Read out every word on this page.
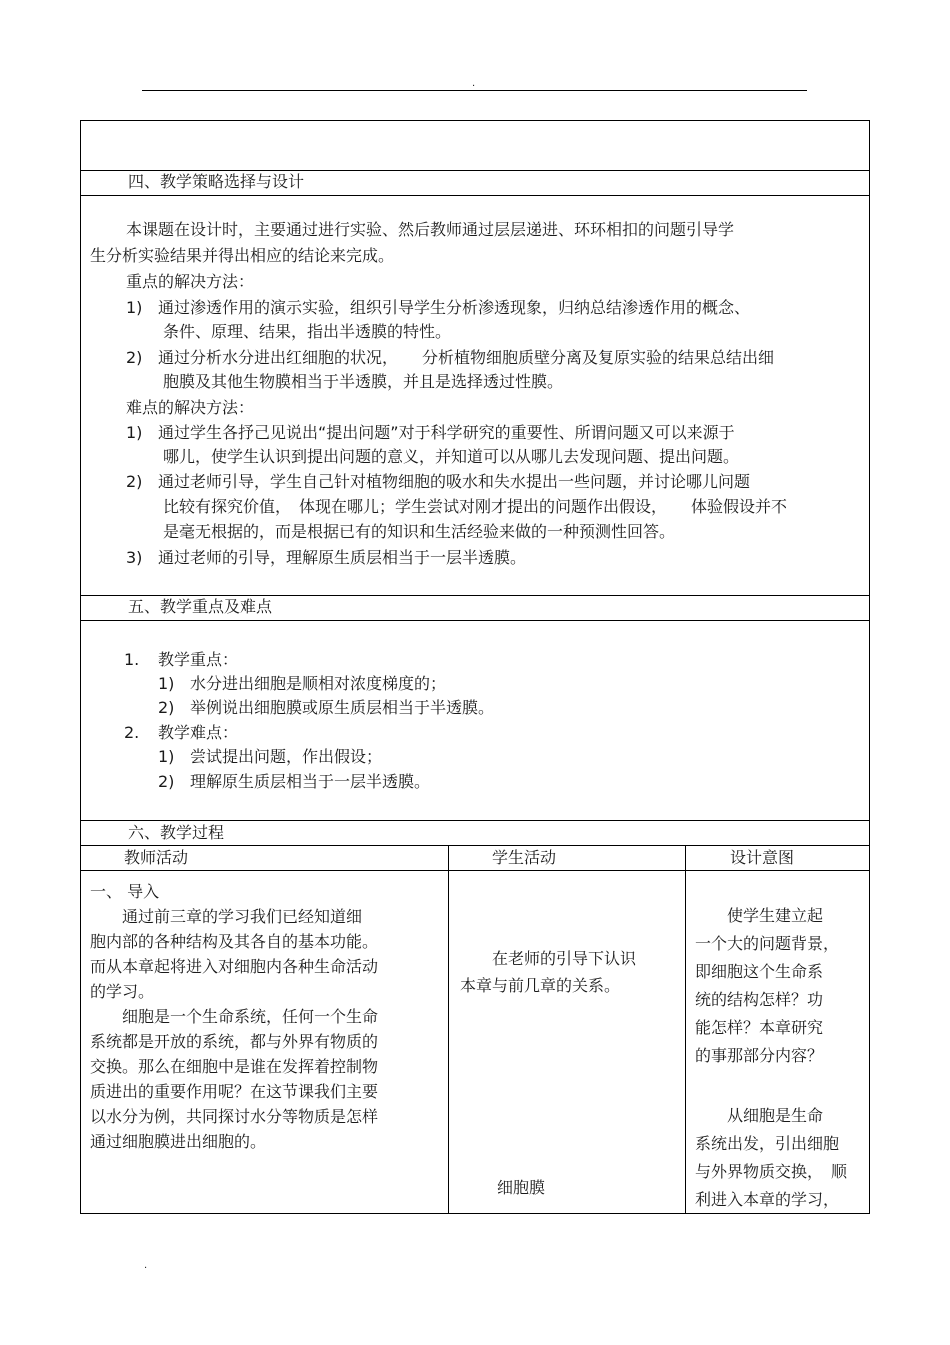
.
四、教学策略选择与设计
本课题在设计时，主要通过进行实验、然后教师通过层层递进、环环相扣的问题引导学
生分析实验结果并得出相应的结论来完成。
重点的解决方法：
1) 通过渗透作用的演示实验，组织引导学生分析渗透现象，归纳总结渗透作用的概念、
条件、原理、结果，指出半透膜的特性。
2) 通过分析水分进出红细胞的状况，　　分析植物细胞质壁分离及复原实验的结果总结出细
胞膜及其他生物膜相当于半透膜，并且是选择透过性膜。
难点的解决方法：
1) 通过学生各抒己见说出“提出问题”对于科学研究的重要性、所谓问题又可以来源于
哪儿，使学生认识到提出问题的意义，并知道可以从哪儿去发现问题、提出问题。
2) 通过老师引导，学生自己针对植物细胞的吸水和失水提出一些问题，并讨论哪儿问题
比较有探究价值，　体现在哪儿；学生尝试对刚才提出的问题作出假设，　　体验假设并不
是毫无根据的，而是根据已有的知识和生活经验来做的一种预测性回答。
3) 通过老师的引导，理解原生质层相当于一层半透膜。
五、教学重点及难点
1. 教学重点：
1) 水分进出细胞是顺相对浓度梯度的；
2) 举例说出细胞膜或原生质层相当于半透膜。
2. 教学难点：
1) 尝试提出问题，作出假设；
2) 理解原生质层相当于一层半透膜。
六、教学过程
教师活动	学生活动	设计意图
一、 导入
　　通过前三章的学习我们已经知道细
胞内部的各种结构及其各自的基本功能。
而从本章起将进入对细胞内各种生命活动
的学习。
　　细胞是一个生命系统，任何一个生命
系统都是开放的系统，都与外界有物质的
交换。那么在细胞中是谁在发挥着控制物
质进出的重要作用呢？在这节课我们主要
以水分为例，共同探讨水分等物质是怎样
通过细胞膜进出细胞的。
　　在老师的引导下认识
本章与前几章的关系。
细胞膜
　　使学生建立起
一个大的问题背景，
即细胞这个生命系
统的结构怎样？功
能怎样？本章研究
的事那部分内容？
　　从细胞是生命
系统出发，引出细胞
与外界物质交换，　顺
利进入本章的学习，
.
